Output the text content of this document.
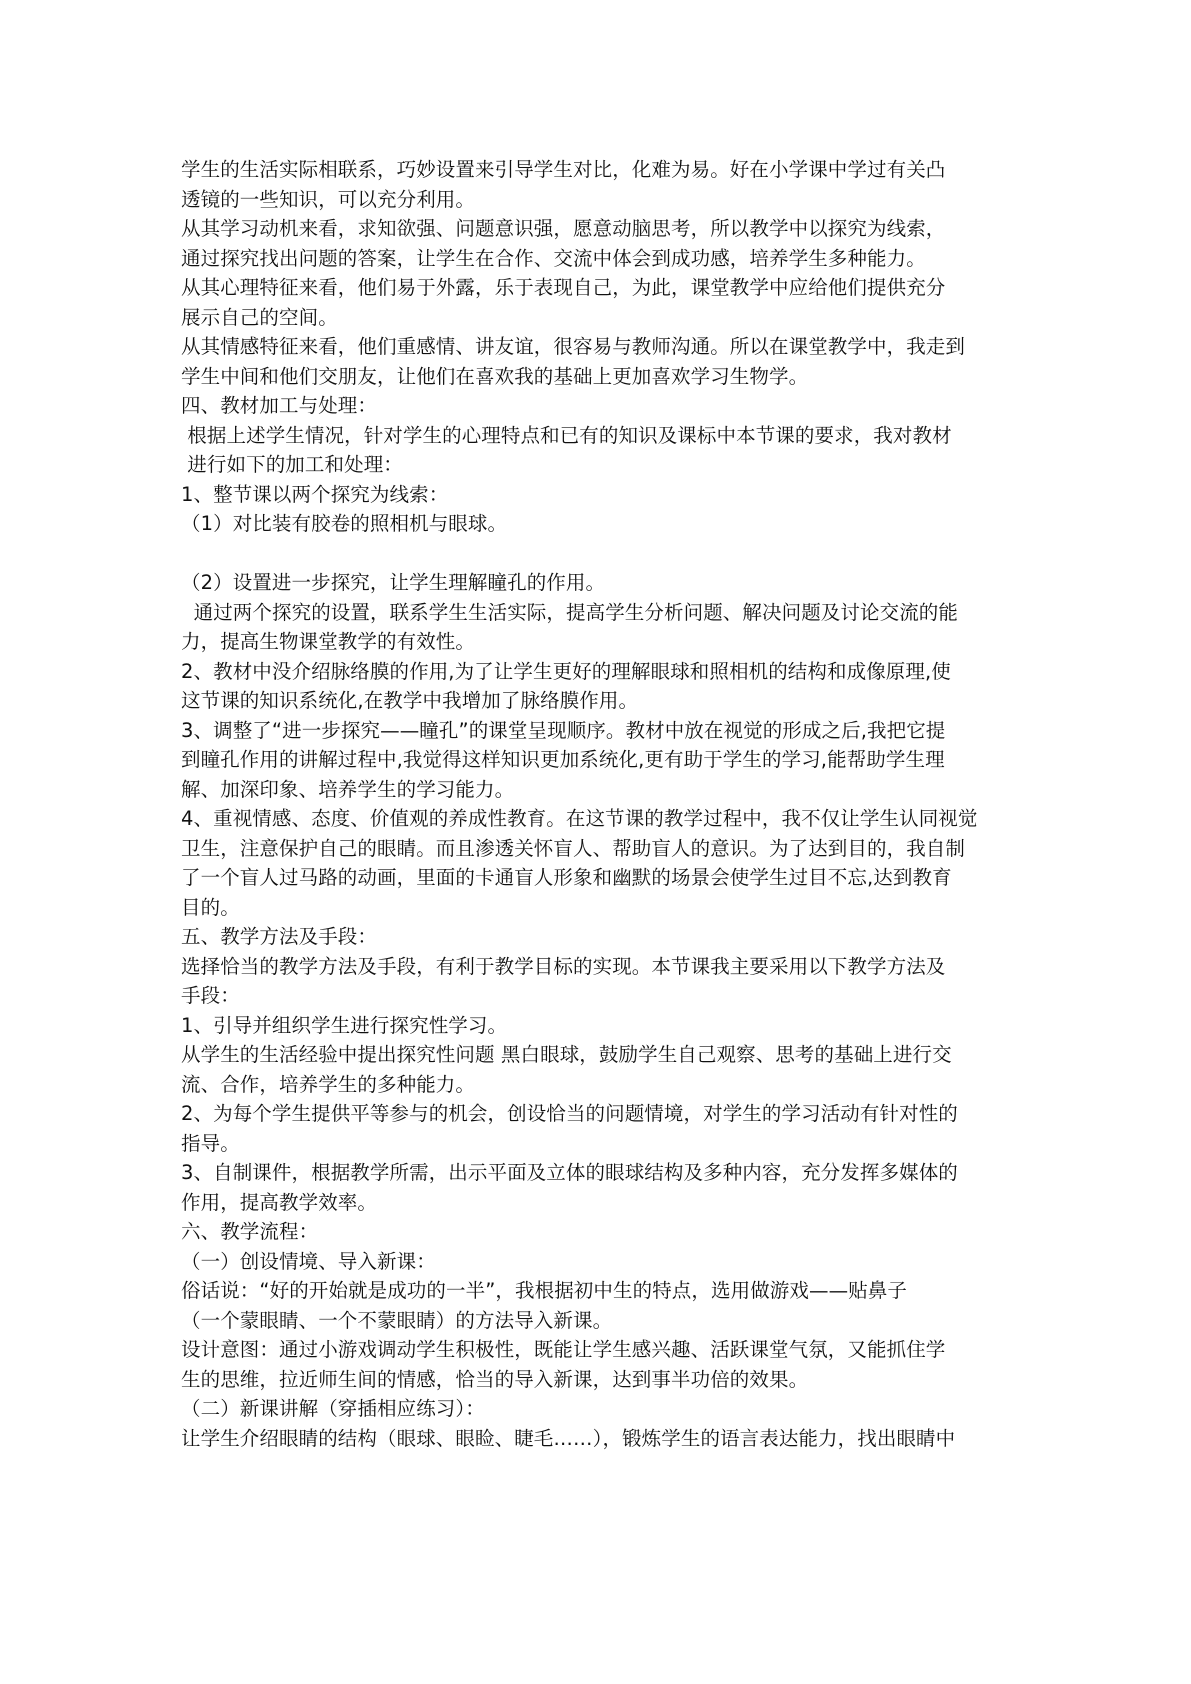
学生的生活实际相联系，巧妙设置来引导学生对比，化难为易。好在小学课中学过有关凸
透镜的一些知识，可以充分利用。
从其学习动机来看，求知欲强、问题意识强，愿意动脑思考，所以教学中以探究为线索，
通过探究找出问题的答案，让学生在合作、交流中体会到成功感，培养学生多种能力。
从其心理特征来看，他们易于外露，乐于表现自己，为此，课堂教学中应给他们提供充分
展示自己的空间。
从其情感特征来看，他们重感情、讲友谊，很容易与教师沟通。所以在课堂教学中，我走到
学生中间和他们交朋友，让他们在喜欢我的基础上更加喜欢学习生物学。
四、教材加工与处理：
根据上述学生情况，针对学生的心理特点和已有的知识及课标中本节课的要求，我对教材
进行如下的加工和处理：
1、整节课以两个探究为线索：
（1）对比装有胶卷的照相机与眼球。
（2）设置进一步探究，让学生理解瞳孔的作用。
通过两个探究的设置，联系学生生活实际，提高学生分析问题、解决问题及讨论交流的能
力，提高生物课堂教学的有效性。
2、教材中没介绍脉络膜的作用,为了让学生更好的理解眼球和照相机的结构和成像原理,使
这节课的知识系统化,在教学中我增加了脉络膜作用。
3、调整了“进一步探究——瞳孔”的课堂呈现顺序。教材中放在视觉的形成之后,我把它提
到瞳孔作用的讲解过程中,我觉得这样知识更加系统化,更有助于学生的学习,能帮助学生理
解、加深印象、培养学生的学习能力。
4、重视情感、态度、价值观的养成性教育。在这节课的教学过程中，我不仅让学生认同视觉
卫生，注意保护自己的眼睛。而且渗透关怀盲人、帮助盲人的意识。为了达到目的，我自制
了一个盲人过马路的动画，里面的卡通盲人形象和幽默的场景会使学生过目不忘,达到教育
目的。
五、教学方法及手段：
选择恰当的教学方法及手段，有利于教学目标的实现。本节课我主要采用以下教学方法及
手段：
1、引导并组织学生进行探究性学习。
从学生的生活经验中提出探究性问题 黑白眼球，鼓励学生自己观察、思考的基础上进行交
流、合作，培养学生的多种能力。
2、为每个学生提供平等参与的机会，创设恰当的问题情境，对学生的学习活动有针对性的
指导。
3、自制课件，根据教学所需，出示平面及立体的眼球结构及多种内容，充分发挥多媒体的
作用，提高教学效率。
六、教学流程：
（一）创设情境、导入新课：
俗话说：“好的开始就是成功的一半”，我根据初中生的特点，选用做游戏——贴鼻子
（一个蒙眼睛、一个不蒙眼睛）的方法导入新课。
设计意图：通过小游戏调动学生积极性，既能让学生感兴趣、活跃课堂气氛，又能抓住学
生的思维，拉近师生间的情感，恰当的导入新课，达到事半功倍的效果。
（二）新课讲解（穿插相应练习）：
让学生介绍眼睛的结构（眼球、眼睑、睫毛……），锻炼学生的语言表达能力，找出眼睛中
